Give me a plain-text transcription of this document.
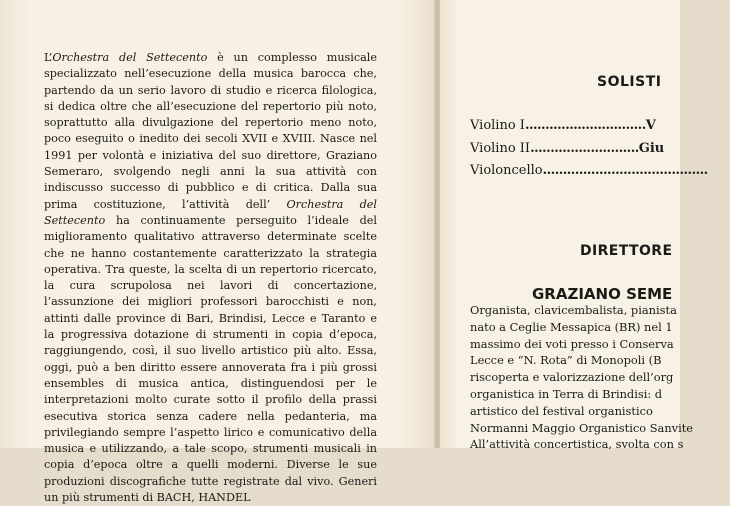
L’Orchestra del Settecento è un complesso musicale specializzato nell’esecuzione della musica barocca che, partendo da un serio lavoro di studio e ricerca filologica, si dedica oltre che all’esecuzione del repertorio più noto, soprattutto alla divulgazione del repertorio meno noto, poco eseguito o inedito dei secoli XVII e XVIII. Nasce nel 1991 per volontà e iniziativa del suo direttore, Graziano Semeraro, svolgendo negli anni la sua attività con indiscusso successo di pubblico e di critica. Dalla sua prima costituzione, l’attività dell’ Orchestra del Settecento ha continuamente perseguito l’ideale del miglioramento qualitativo attraverso determinate scelte che ne hanno costantemente caratterizzato la strategia operativa. Tra queste, la scelta di un repertorio ricercato, la cura scrupolosa nei lavori di concertazione, l’assunzione dei migliori professori barocchisti e non, attinti dalle province di Bari, Brindisi, Lecce e Taranto e la progressiva dotazione di strumenti in copia d’epoca, raggiungendo, così, il suo livello artistico più alto. Essa, oggi, può a ben diritto essere annoverata fra i più grossi ensembles di musica antica, distinguendosi per le interpretazioni molto curate sotto il profilo della prassi esecutiva storica senza cadere nella pedanteria, ma privilegiando sempre l’aspetto lirico e comunicativo della musica e utilizzando, a tale scopo, strumenti musicali in copia d’epoca oltre a quelli moderni. Diverse le sue produzioni discografiche tutte registrate dal vivo. Generi un più strumenti di BACH, HANDEL

SOLISTI
Violino I..............................V
Violino II...........................Giu
Violoncello.........................................
DIRETTORE
GRAZIANO SEME
Organista, clavicembalista, pianista
nato a Ceglie Messapica (BR) nel 1
massimo dei voti presso i Conserva
Lecce e “N. Rota” di Monopoli (B
riscoperta e valorizzazione dell’org
organistica in Terra di Brindisi: d
artistico del festival organistico
Normanni Maggio Organistico Sanvite
All’attività concertistica, svolta con s
